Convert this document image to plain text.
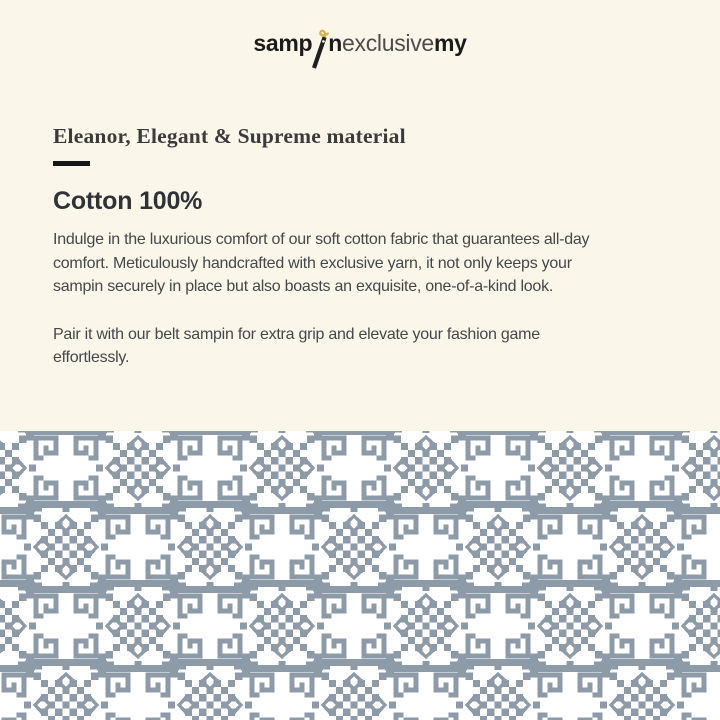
samp n exclusive my
Eleanor, Elegant & Supreme material
Cotton 100%
Indulge in the luxurious comfort of our soft cotton fabric that guarantees all-day
comfort. Meticulously handcrafted with exclusive yarn, it not only keeps your
sampin securely in place but also boasts an exquisite, one-of-a-kind look.
Pair it with our belt sampin for extra grip and elevate your fashion game
effortlessly.
